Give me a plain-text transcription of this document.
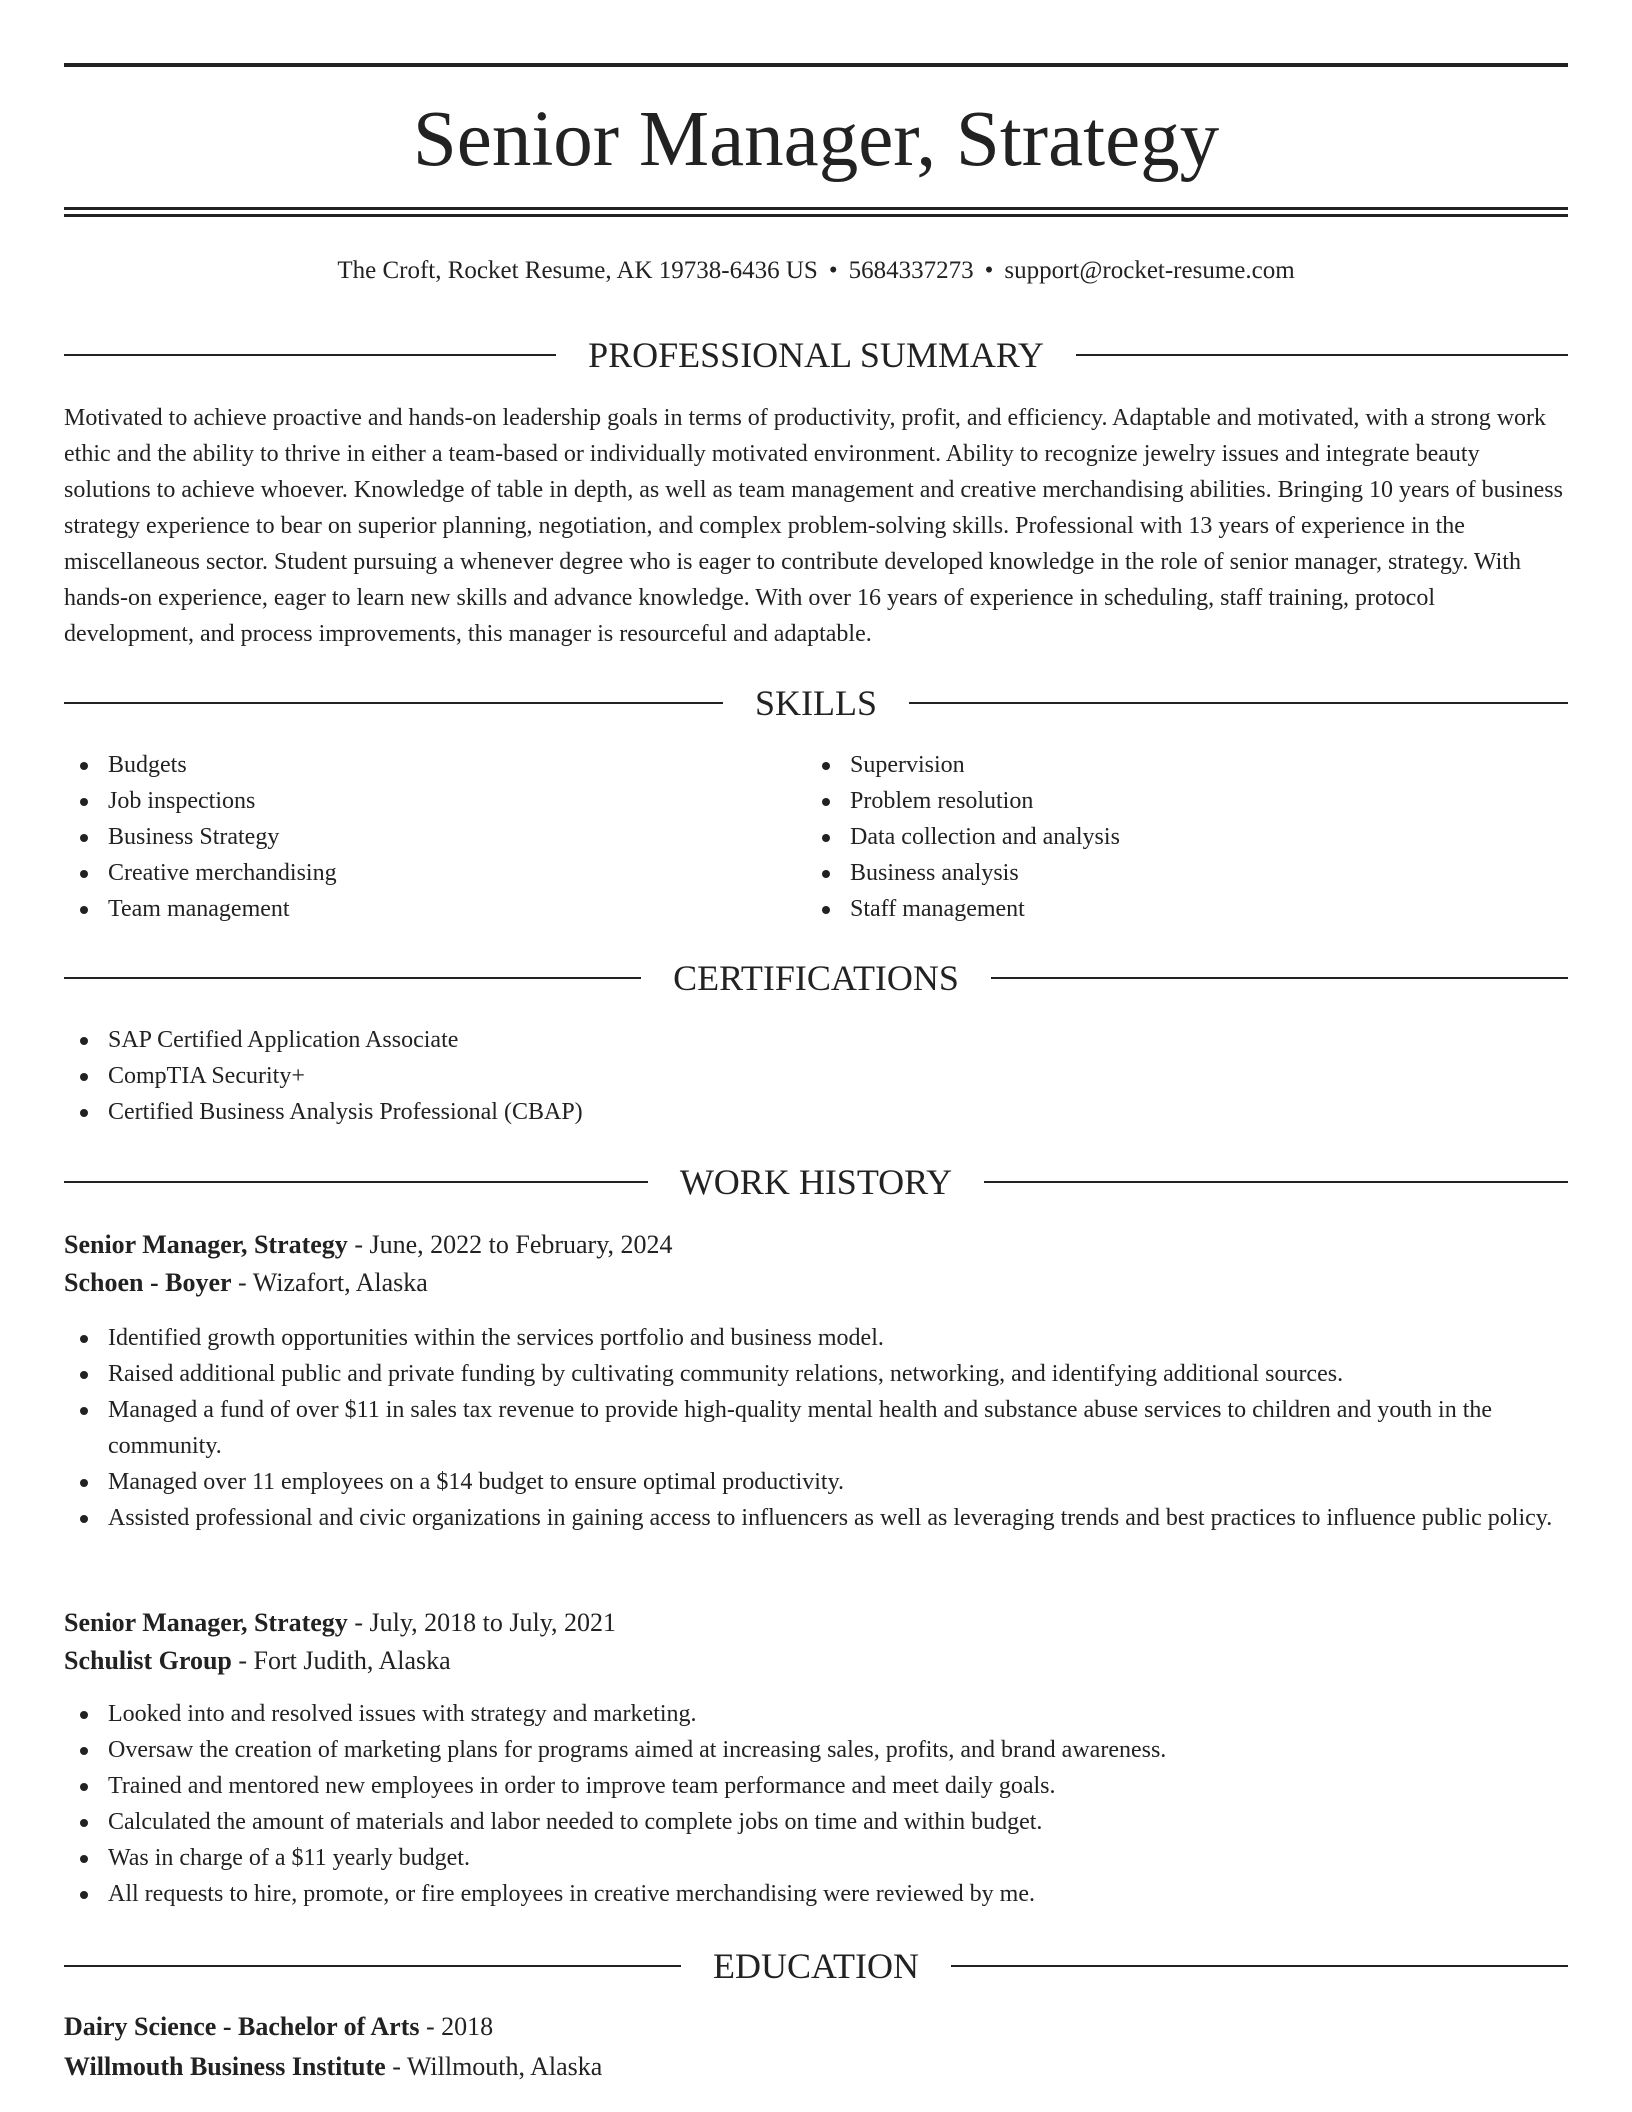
Senior Manager, Strategy
The Croft, Rocket Resume, AK 19738-6436 US • 5684337273 • support@rocket-resume.com
PROFESSIONAL SUMMARY

Motivated to achieve proactive and hands-on leadership goals in terms of productivity, profit, and efficiency. Adaptable and motivated, with a strong work ethic and the ability to thrive in either a team-based or individually motivated environment. Ability to recognize jewelry issues and integrate beauty solutions to achieve whoever. Knowledge of table in depth, as well as team management and creative merchandising abilities. Bringing 10 years of business strategy experience to bear on superior planning, negotiation, and complex problem-solving skills. Professional with 13 years of experience in the miscellaneous sector. Student pursuing a whenever degree who is eager to contribute developed knowledge in the role of senior manager, strategy. With hands-on experience, eager to learn new skills and advance knowledge. With over 16 years of experience in scheduling, staff training, protocol development, and process improvements, this manager is resourceful and adaptable.

SKILLS
Budgets
Job inspections
Business Strategy
Creative merchandising
Team management
Supervision
Problem resolution
Data collection and analysis
Business analysis
Staff management
CERTIFICATIONS
SAP Certified Application Associate
CompTIA Security+
Certified Business Analysis Professional (CBAP)
WORK HISTORY
Senior Manager, Strategy - June, 2022 to February, 2024
Schoen - Boyer - Wizafort, Alaska
Identified growth opportunities within the services portfolio and business model.
Raised additional public and private funding by cultivating community relations, networking, and identifying additional sources.
Managed a fund of over $11 in sales tax revenue to provide high-quality mental health and substance abuse services to children and youth in the community.
Managed over 11 employees on a $14 budget to ensure optimal productivity.
Assisted professional and civic organizations in gaining access to influencers as well as leveraging trends and best practices to influence public policy.
Senior Manager, Strategy - July, 2018 to July, 2021
Schulist Group - Fort Judith, Alaska
Looked into and resolved issues with strategy and marketing.
Oversaw the creation of marketing plans for programs aimed at increasing sales, profits, and brand awareness.
Trained and mentored new employees in order to improve team performance and meet daily goals.
Calculated the amount of materials and labor needed to complete jobs on time and within budget.
Was in charge of a $11 yearly budget.
All requests to hire, promote, or fire employees in creative merchandising were reviewed by me.
EDUCATION
Dairy Science - Bachelor of Arts - 2018
Willmouth Business Institute - Willmouth, Alaska
